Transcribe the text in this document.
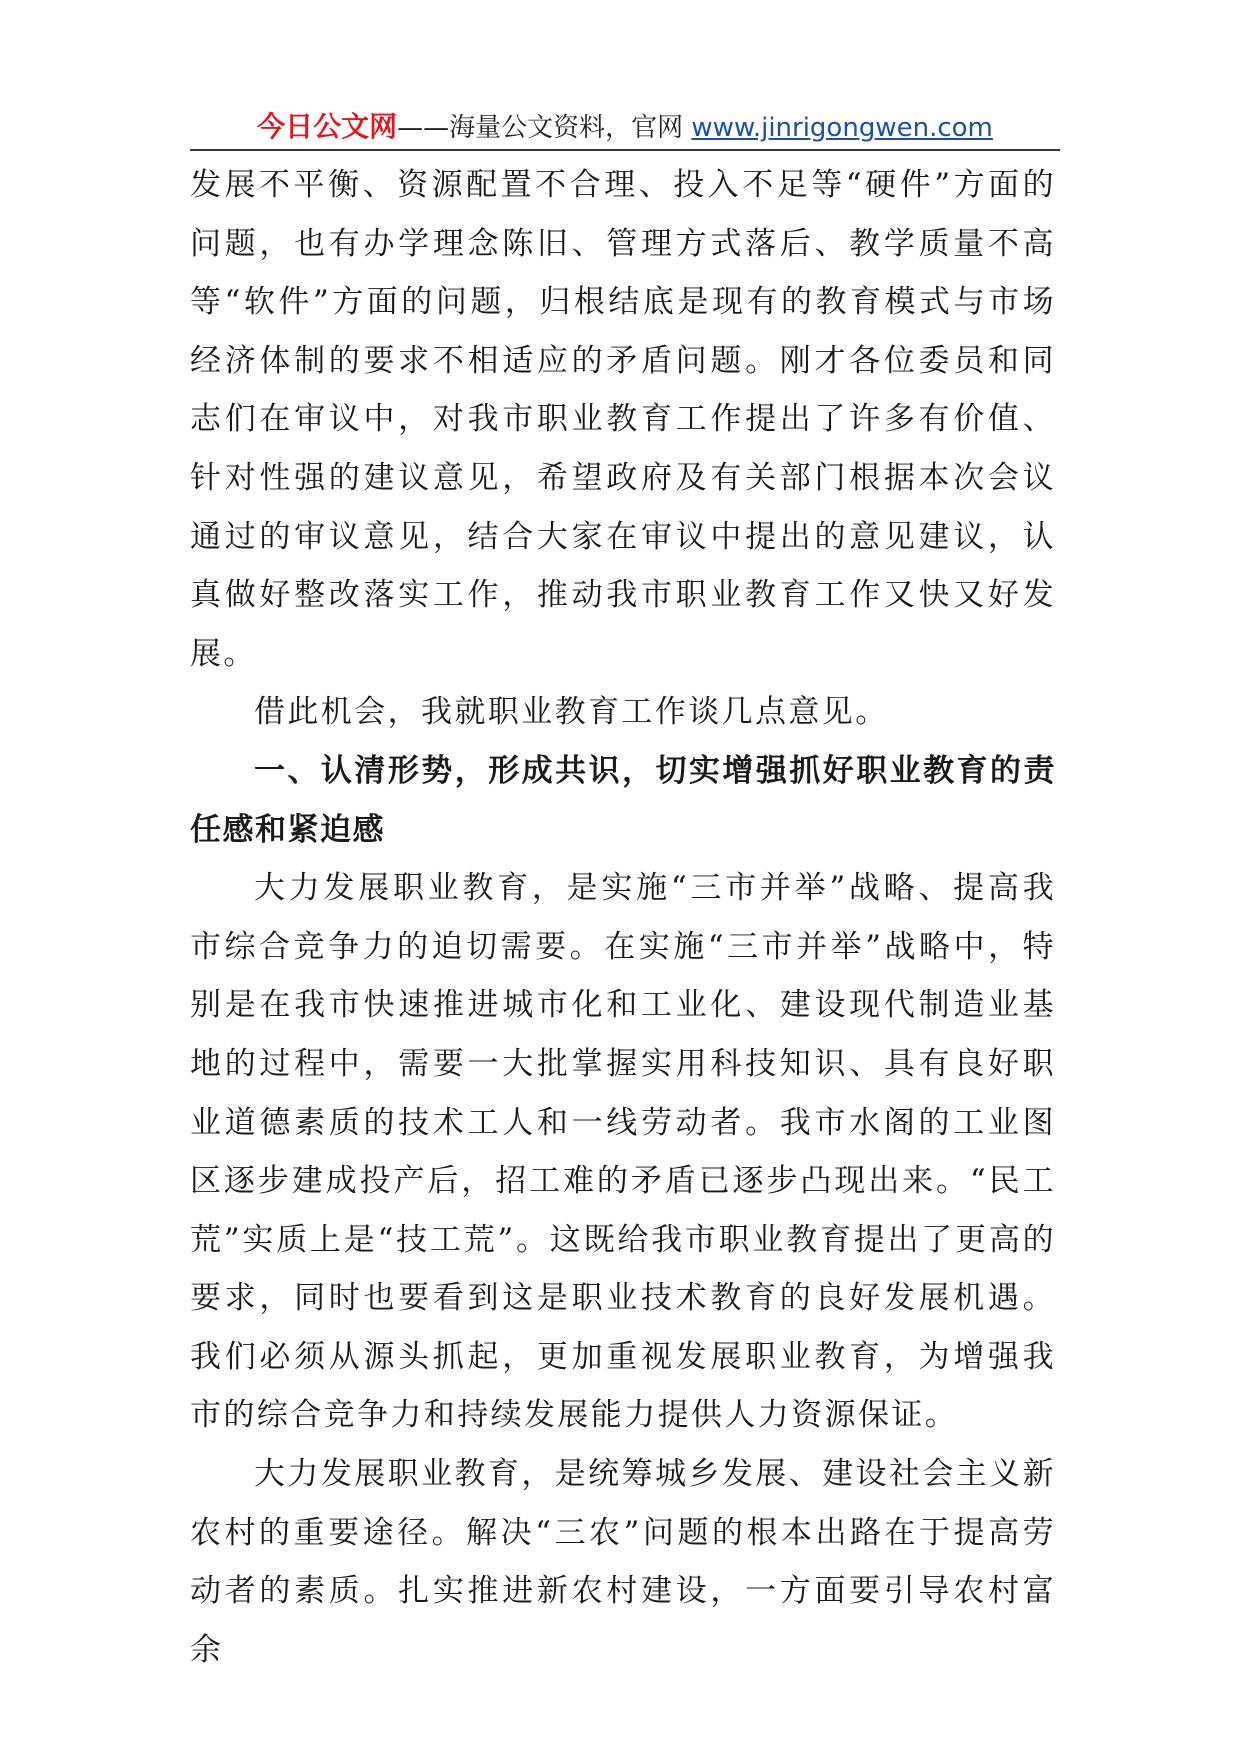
今日公文网——海量公文资料，官网 www.jinrigongwen.com

发展不平衡、资源配置不合理、投入不足等“硬件”方面的问题，也有办学理念陈旧、管理方式落后、教学质量不高等“软件”方面的问题，归根结底是现有的教育模式与市场经济体制的要求不相适应的矛盾问题。刚才各位委员和同志们在审议中，对我市职业教育工作提出了许多有价值、针对性强的建议意见，希望政府及有关部门根据本次会议通过的审议意见，结合大家在审议中提出的意见建议，认真做好整改落实工作，推动我市职业教育工作又快又好发展。

借此机会，我就职业教育工作谈几点意见。

一、认清形势，形成共识，切实增强抓好职业教育的责任感和紧迫感

大力发展职业教育，是实施“三市并举”战略、提高我市综合竞争力的迫切需要。在实施“三市并举”战略中，特别是在我市快速推进城市化和工业化、建设现代制造业基地的过程中，需要一大批掌握实用科技知识、具有良好职业道德素质的技术工人和一线劳动者。我市水阁的工业图区逐步建成投产后，招工难的矛盾已逐步凸现出来。“民工荒”实质上是“技工荒”。这既给我市职业教育提出了更高的要求，同时也要看到这是职业技术教育的良好发展机遇。我们必须从源头抓起，更加重视发展职业教育，为增强我市的综合竞争力和持续发展能力提供人力资源保证。

大力发展职业教育，是统筹城乡发展、建设社会主义新农村的重要途径。解决“三农”问题的根本出路在于提高劳动者的素质。扎实推进新农村建设，一方面要引导农村富余
